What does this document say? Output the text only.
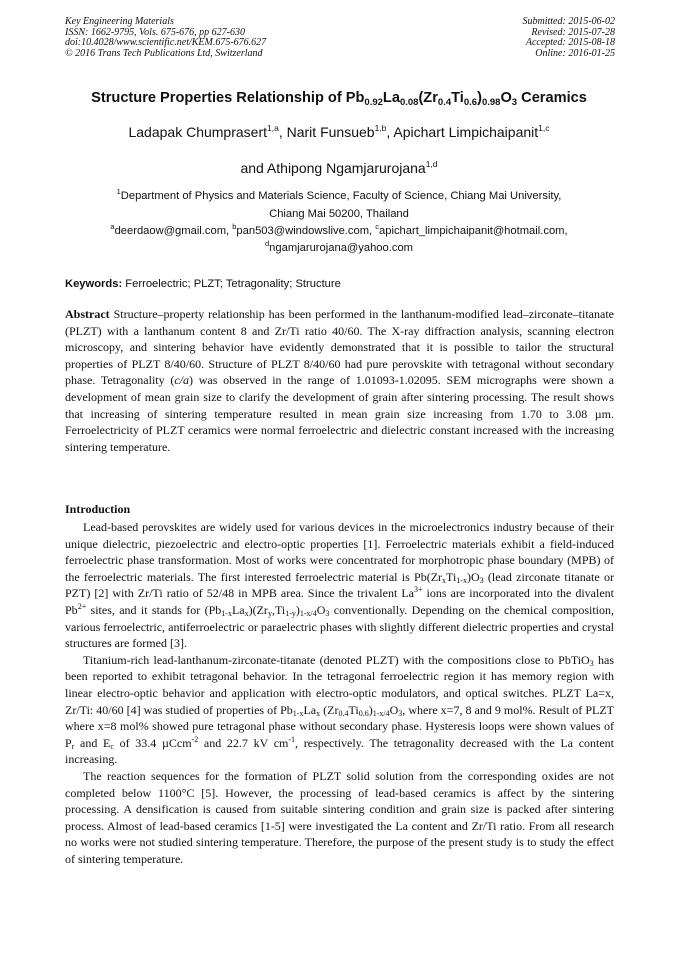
Key Engineering Materials
ISSN: 1662-9795, Vols. 675-676, pp 627-630
doi:10.4028/www.scientific.net/KEM.675-676.627
© 2016 Trans Tech Publications Ltd, Switzerland
Submitted: 2015-06-02
Revised: 2015-07-28
Accepted: 2015-08-18
Online: 2016-01-25
Structure Properties Relationship of $Pb_{0.92}La_{0.08}(Zr_{0.4}Ti_{0.6})_{0.98}O_3$ Ceramics
Ladapak Chumprasert$^{1,a}$, Narit Funsueb$^{1,b}$, Apichart Limpichaipanit$^{1,c}$
and Athipong Ngamjarurojana$^{1,d}$
$^1$Department of Physics and Materials Science, Faculty of Science, Chiang Mai University,
Chiang Mai 50200, Thailand
$^a$deerdaow@gmail.com, $^b$pan503@windowslive.com, $^c$apichart_limpichaipanit@hotmail.com,
$^d$ngamjarurojana@yahoo.com
Keywords: Ferroelectric; PLZT; Tetragonality; Structure

Abstract Structure–property relationship has been performed in the lanthanum-modified lead–zirconate–titanate (PLZT) with a lanthanum content 8 and Zr/Ti ratio 40/60. The X-ray diffraction analysis, scanning electron microscopy, and sintering behavior have evidently demonstrated that it is possible to tailor the structural properties of PLZT 8/40/60. Structure of PLZT 8/40/60 had pure perovskite with tetragonal without secondary phase. Tetragonality (c/a) was observed in the range of 1.01093-1.02095. SEM micrographs were shown a development of mean grain size to clarify the development of grain after sintering processing. The result shows that increasing of sintering temperature resulted in mean grain size increasing from 1.70 to 3.08 µm. Ferroelectricity of PLZT ceramics were normal ferroelectric and dielectric constant increased with the increasing sintering temperature.

Introduction

Lead-based perovskites are widely used for various devices in the microelectronics industry because of their unique dielectric, piezoelectric and electro-optic properties [1]. Ferroelectric materials exhibit a field-induced ferroelectric phase transformation. Most of works were concentrated for morphotropic phase boundary (MPB) of the ferroelectric materials. The first interested ferroelectric material is $Pb(Zr_xTi_{1-x})O_3$ (lead zirconate titanate or PZT) [2] with Zr/Ti ratio of 52/48 in MPB area. Since the trivalent $La^{3+}$ ions are incorporated into the divalent $Pb^{2+}$ sites, and it stands for $(Pb_{1-x}La_x)(Zr_y,Ti_{1-y})_{1-x/4}O_3$ conventionally. Depending on the chemical composition, various ferroelectric, antiferroelectric or paraelectric phases with slightly different dielectric properties and crystal structures are formed [3].

Titanium-rich lead-lanthanum-zirconate-titanate (denoted PLZT) with the compositions close to PbTiO$_3$ has been reported to exhibit tetragonal behavior. In the tetragonal ferroelectric region it has memory region with linear electro-optic behavior and application with electro-optic modulators, and optical switches. PLZT La=x, Zr/Ti: 40/60 [4] was studied of properties of $Pb_{1-x}La_x$ $(Zr_{0.4}Ti_{0.6})_{1-x/4}O_3$, where x=7, 8 and 9 mol%. Result of PLZT where x=8 mol% showed pure tetragonal phase without secondary phase. Hysteresis loops were shown values of $P_r$ and $E_c$ of 33.4 µCcm$^{-2}$ and 22.7 kV $cm^{-1}$, respectively. The tetragonality decreased with the La content increasing.

The reaction sequences for the formation of PLZT solid solution from the corresponding oxides are not completed below 1100°C [5]. However, the processing of lead-based ceramics is affect by the sintering processing. A densification is caused from suitable sintering condition and grain size is packed after sintering process. Almost of lead-based ceramics [1-5] were investigated the La content and Zr/Ti ratio. From all research no works were not studied sintering temperature. Therefore, the purpose of the present study is to study the effect of sintering temperature.
